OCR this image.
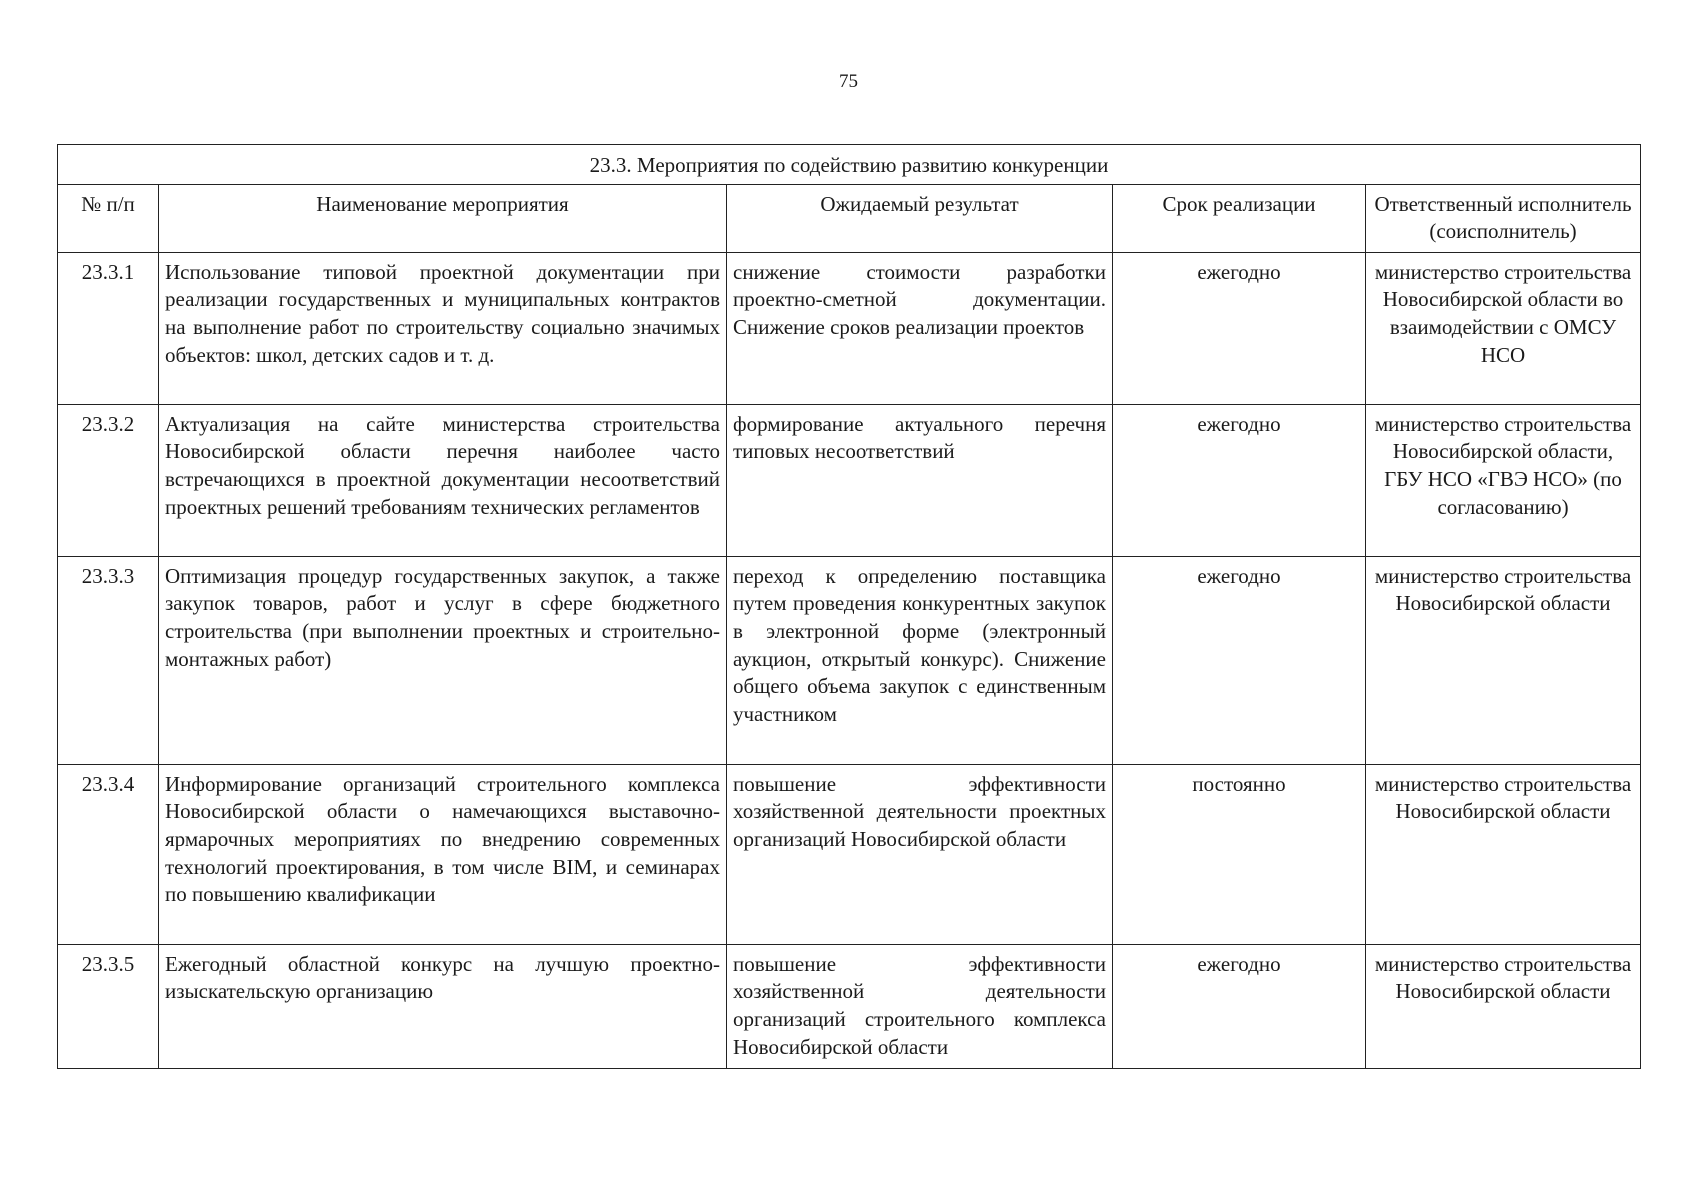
75
23.3. Мероприятия по содействию развитию конкуренции				
№ п/п	Наименование мероприятия	Ожидаемый результат	Срок реализации	Ответственный исполнитель (соисполнитель)
23.3.1	Использование типовой проектной документации при реализации государственных и муниципальных контрактов на выполнение работ по строительству социально значимых объектов: школ, детских садов и т. д.	снижение стоимости разработки проектно-сметной документации. Снижение сроков реализации проектов	ежегодно	министерство строительства Новосибирской области во взаимодействии с ОМСУ НСО
23.3.2	Актуализация на сайте министерства строительства Новосибирской области перечня наиболее часто встречающихся в проектной документации несоответствий проектных решений требованиям технических регламентов	формирование актуального перечня типовых несоответствий	ежегодно	министерство строительства Новосибирской области, ГБУ НСО «ГВЭ НСО» (по согласованию)
23.3.3	Оптимизация процедур государственных закупок, а также закупок товаров, работ и услуг в сфере бюджетного строительства (при выполнении проектных и строительно-монтажных работ)	переход к определению поставщика путем проведения конкурентных закупок в электронной форме (электронный аукцион, открытый конкурс). Снижение общего объема закупок с единственным участником	ежегодно	министерство строительства Новосибирской области
23.3.4	Информирование организаций строительного комплекса Новосибирской области о намечающихся выставочно-ярмарочных мероприятиях по внедрению современных технологий проектирования, в том числе BIM, и семинарах по повышению квалификации	повышение эффективности хозяйственной деятельности проектных организаций Новосибирской области	постоянно	министерство строительства Новосибирской области
23.3.5	Ежегодный областной конкурс на лучшую проектно-изыскательскую организацию	повышение эффективности хозяйственной деятельности организаций строительного комплекса Новосибирской области	ежегодно	министерство строительства Новосибирской области
